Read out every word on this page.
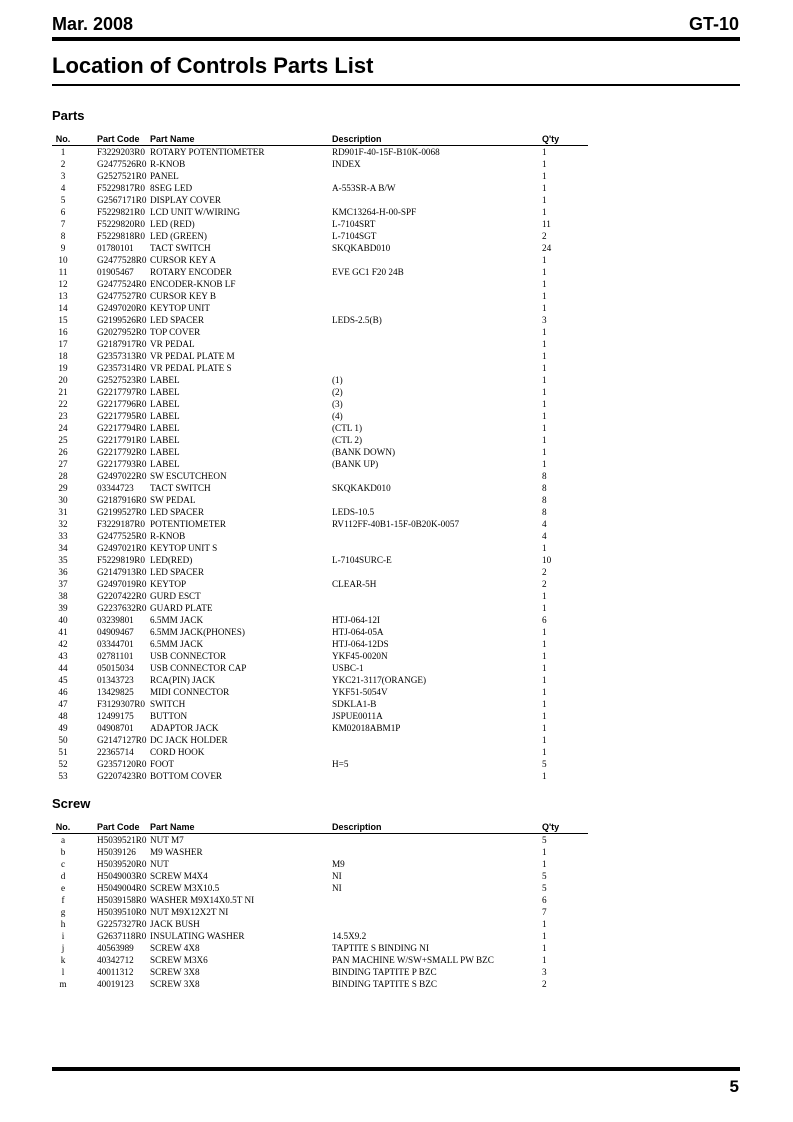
Mar. 2008	GT-10
Location of Controls Parts List
Parts
No.	Part Code	Part Name	Description	Q'ty
1	F3229203R0	ROTARY POTENTIOMETER	RD901F-40-15F-B10K-0068	1
2	G2477526R0	R-KNOB	INDEX	1
3	G2527521R0	PANEL		1
4	F5229817R0	8SEG LED	A-553SR-A B/W	1
5	G2567171R0	DISPLAY COVER		1
6	F5229821R0	LCD UNIT W/WIRING	KMC13264-H-00-SPF	1
7	F5229820R0	LED (RED)	L-7104SRT	11
8	F5229818R0	LED (GREEN)	L-7104SGT	2
9	01780101	TACT SWITCH	SKQKABD010	24
10	G2477528R0	CURSOR KEY A		1
11	01905467	ROTARY ENCODER	EVE GC1 F20 24B	1
12	G2477524R0	ENCODER-KNOB LF		1
13	G2477527R0	CURSOR KEY B		1
14	G2497020R0	KEYTOP UNIT		1
15	G2199526R0	LED SPACER	LEDS-2.5(B)	3
16	G2027952R0	TOP COVER		1
17	G2187917R0	VR PEDAL		1
18	G2357313R0	VR PEDAL PLATE M		1
19	G2357314R0	VR PEDAL PLATE S		1
20	G2527523R0	LABEL	(1)	1
21	G2217797R0	LABEL	(2)	1
22	G2217796R0	LABEL	(3)	1
23	G2217795R0	LABEL	(4)	1
24	G2217794R0	LABEL	(CTL 1)	1
25	G2217791R0	LABEL	(CTL 2)	1
26	G2217792R0	LABEL	(BANK DOWN)	1
27	G2217793R0	LABEL	(BANK UP)	1
28	G2497022R0	SW ESCUTCHEON		8
29	03344723	TACT SWITCH	SKQKAKD010	8
30	G2187916R0	SW PEDAL		8
31	G2199527R0	LED SPACER	LEDS-10.5	8
32	F3229187R0	POTENTIOMETER	RV112FF-40B1-15F-0B20K-0057	4
33	G2477525R0	R-KNOB		4
34	G2497021R0	KEYTOP UNIT S		1
35	F5229819R0	LED(RED)	L-7104SURC-E	10
36	G2147913R0	LED SPACER		2
37	G2497019R0	KEYTOP	CLEAR-5H	2
38	G2207422R0	GURD ESCT		1
39	G2237632R0	GUARD PLATE		1
40	03239801	6.5MM JACK	HTJ-064-12I	6
41	04909467	6.5MM JACK(PHONES)	HTJ-064-05A	1
42	03344701	6.5MM JACK	HTJ-064-12DS	1
43	02781101	USB CONNECTOR	YKF45-0020N	1
44	05015034	USB CONNECTOR CAP	USBC-1	1
45	01343723	RCA(PIN) JACK	YKC21-3117(ORANGE)	1
46	13429825	MIDI CONNECTOR	YKF51-5054V	1
47	F3129307R0	SWITCH	SDKLA1-B	1
48	12499175	BUTTON	JSPUE0011A	1
49	04908701	ADAPTOR JACK	KM02018ABM1P	1
50	G2147127R0	DC JACK HOLDER		1
51	22365714	CORD HOOK		1
52	G2357120R0	FOOT	H=5	5
53	G2207423R0	BOTTOM COVER		1
Screw
No.	Part Code	Part Name	Description	Q'ty
a	H5039521R0	NUT M7		5
b	H5039126	M9 WASHER		1
c	H5039520R0	NUT	M9	1
d	H5049003R0	SCREW M4X4	NI	5
e	H5049004R0	SCREW M3X10.5	NI	5
f	H5039158R0	WASHER M9X14X0.5T NI		6
g	H5039510R0	NUT M9X12X2T NI		7
h	G2257327R0	JACK BUSH		1
i	G2637118R0	INSULATING WASHER	14.5X9.2	1
j	40563989	SCREW 4X8	TAPTITE S BINDING NI	1
k	40342712	SCREW M3X6	PAN MACHINE W/SW+SMALL PW BZC	1
l	40011312	SCREW 3X8	BINDING TAPTITE P BZC	3
m	40019123	SCREW 3X8	BINDING TAPTITE S BZC	2
5
